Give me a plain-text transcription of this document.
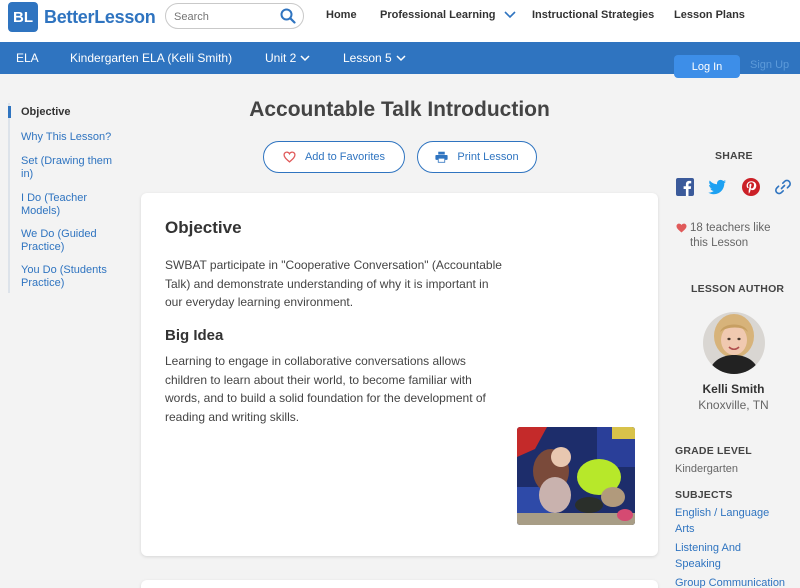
BL BetterLesson
Search	Home Professional Learning	Instructional Strategies Lesson Plans
ELA	Kindergarten ELA (Kelli Smith)	Unit 2	Lesson 5
Log In	Sign Up
Objective
Why This Lesson?
Set (Drawing them
in)
I Do (Teacher
Models)
We Do (Guided
Practice)
You Do (Students
Practice)
Accountable Talk Introduction
Add to Favorites	Print Lesson
Objective

SWBAT participate in "Cooperative Conversation" (Accountable
Talk) and demonstrate understanding of why it is important in
our everyday learning environment.

Big Idea

Learning to engage in collaborative conversations allows
children to learn about their world, to become familiar with
words, and to build a solid foundation for the development of
reading and writing skills.

SHARE
18 teachers like
this Lesson
LESSON AUTHOR
Kelli Smith
Knoxville, TN
GRADE LEVEL
Kindergarten
SUBJECTS
English / Language
Arts
Listening And
Speaking
Group Communication
